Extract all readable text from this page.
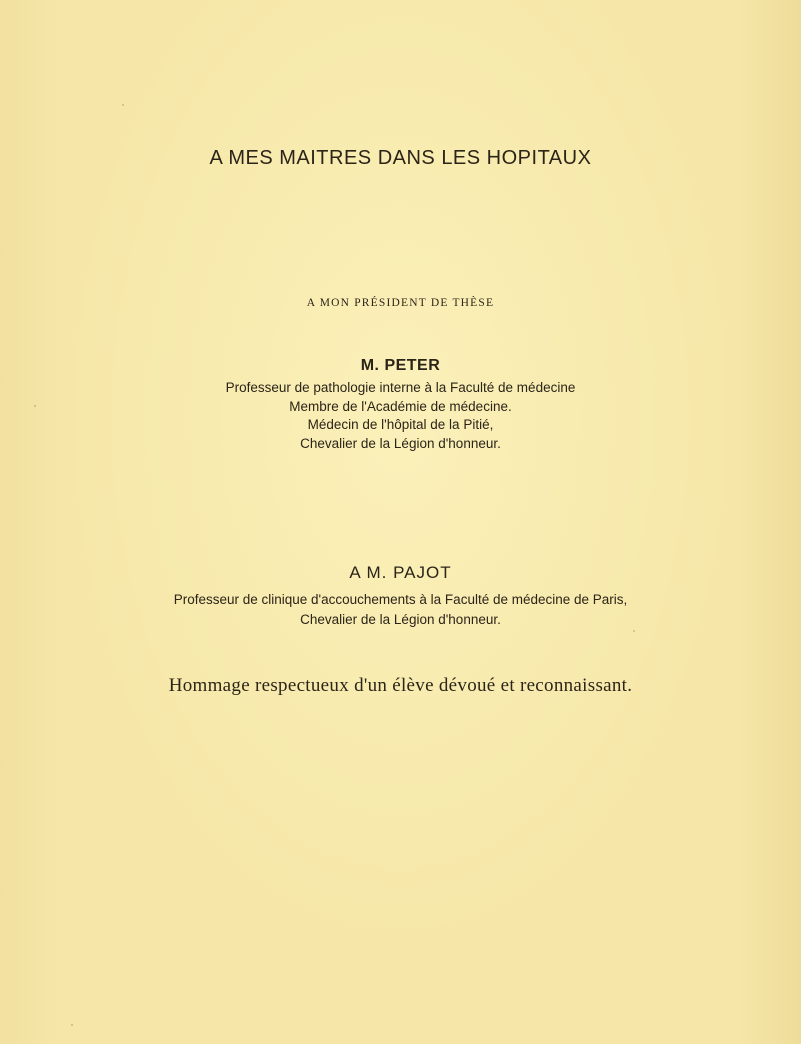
A MES MAITRES DANS LES HOPITAUX
A MON PRÉSIDENT DE THÈSE
M. PETER
Professeur de pathologie interne à la Faculté de médecine
Membre de l'Académie de médecine.
Médecin de l'hôpital de la Pitié,
Chevalier de la Légion d'honneur.
A M. PAJOT
Professeur de clinique d'accouchements à la Faculté de médecine de Paris,
Chevalier de la Légion d'honneur.
Hommage respectueux d'un élève dévoué et reconnaissant.
